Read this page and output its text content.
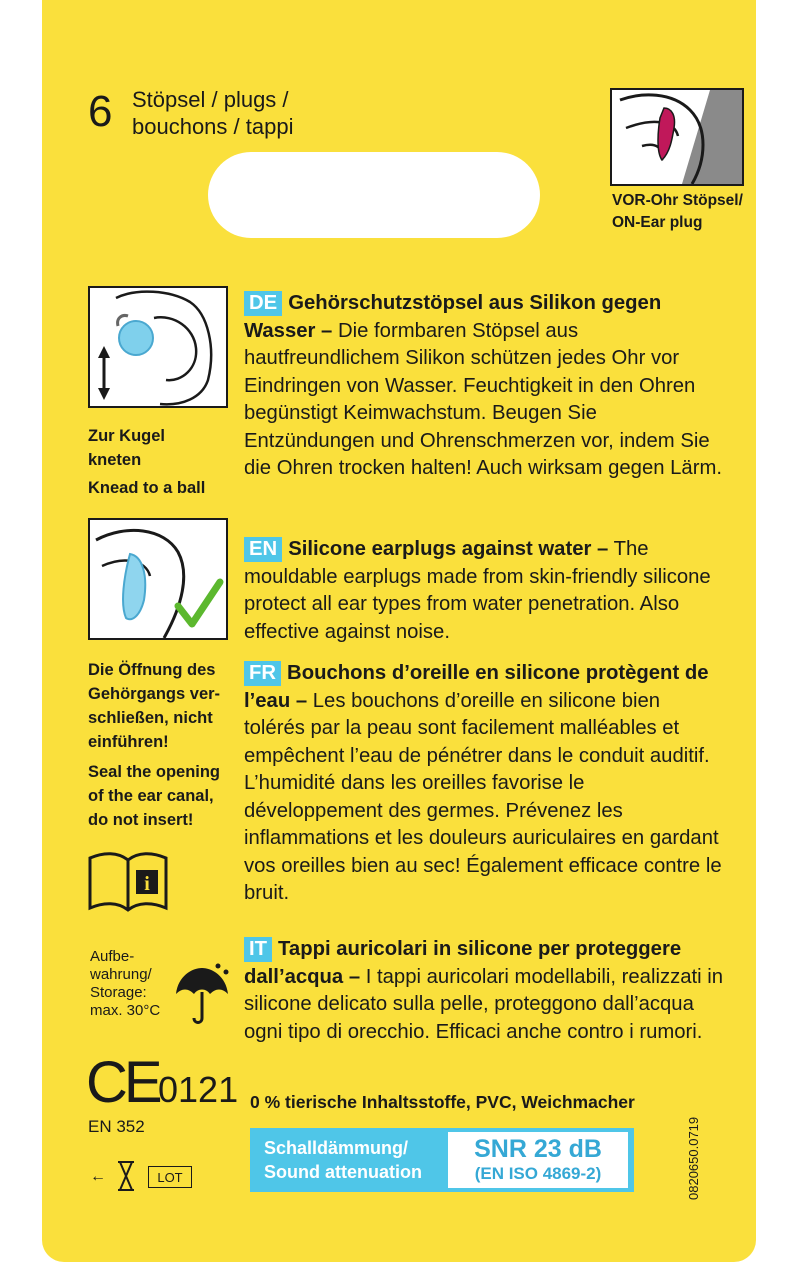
6 Stöpsel / plugs /
bouchons / tappi
VOR-Ohr Stöpsel/
ON-Ear plug
Zur Kugel
kneten
Knead to a ball
Die Öffnung des
Gehörgangs ver-
schließen, nicht
einführen!
Seal the opening
of the ear canal,
do not insert!
i
Aufbe-
wahrung/
Storage:
max. 30°C
CE 0121
EN 352
←	LOT
DE Gehörschutzstöpsel aus Silikon gegen Wasser – Die formbaren Stöpsel aus hautfreundlichem Silikon schützen jedes Ohr vor Eindringen von Wasser. Feuchtigkeit in den Ohren begünstigt Keimwachstum. Beugen Sie Entzündungen und Ohrenschmerzen vor, indem Sie die Ohren trocken halten! Auch wirksam gegen Lärm.
EN Silicone earplugs against water – The mouldable earplugs made from skin-friendly silicone protect all ear types from water penetration. Also effective against noise.
FR Bouchons d’oreille en silicone protègent de l’eau – Les bouchons d’oreille en silicone bien tolérés par la peau sont facilement malléables et empêchent l’eau de pénétrer dans le conduit auditif. L’humidité dans les oreilles favorise le développement des germes. Prévenez les inflammations et les douleurs auriculaires en gardant vos oreilles bien au sec! Également efficace contre le bruit.
IT Tappi auricolari in silicone per proteggere dall’acqua – I tappi auricolari modellabili, realizzati in silicone delicato sulla pelle, proteggono dall’acqua ogni tipo di orecchio. Efficaci anche contro i rumori.
0 % tierische Inhaltsstoffe, PVC, Weichmacher
Schalldämmung/
Sound attenuation
SNR 23 dB
(EN ISO 4869-2)	0820650.0719
